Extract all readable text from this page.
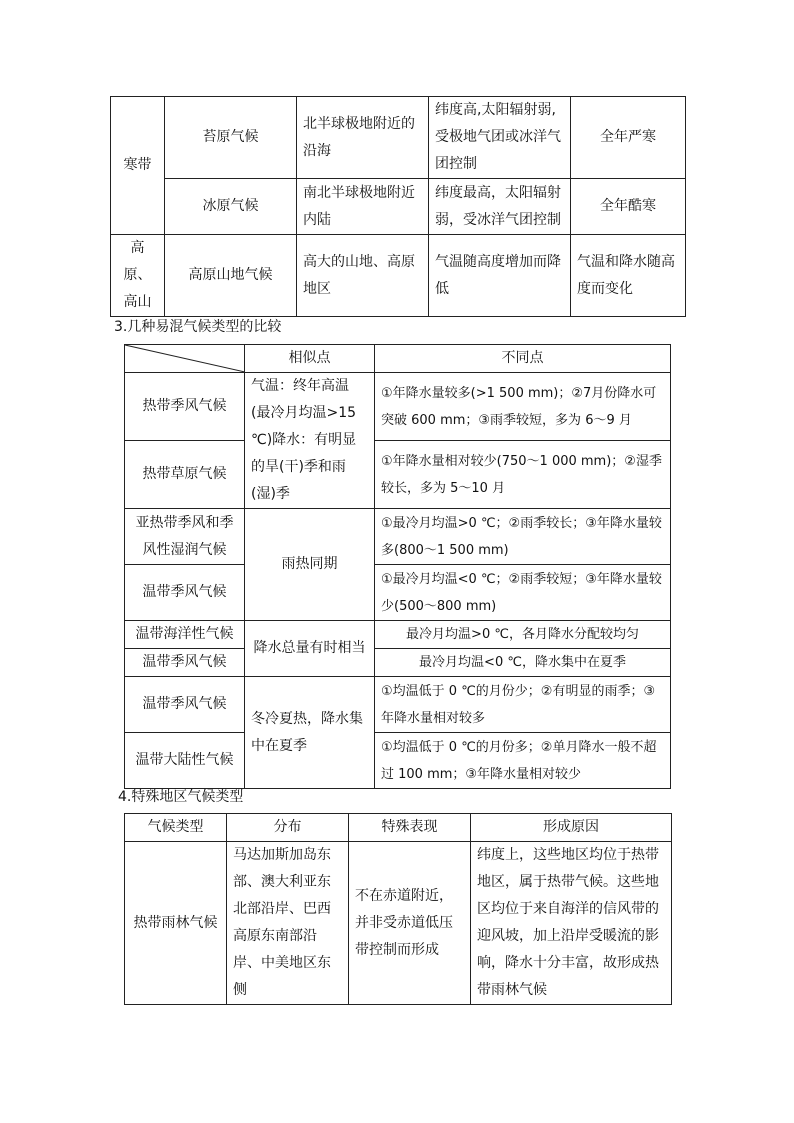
寒带	苔原气候	北半球极地附近的沿海	纬度高,太阳辐射弱,受极地气团或冰洋气团控制	全年严寒
	冰原气候	南北半球极地附近内陆	纬度最高，太阳辐射弱，受冰洋气团控制	全年酷寒
高原、高山	高原山地气候	高大的山地、高原地区	气温随高度增加而降低	气温和降水随高度而变化
3.几种易混气候类型的比较
	相似点	不同点
热带季风气候	气温：终年高温(最冷月均温>15 ℃)降水：有明显的旱(干)季和雨(湿)季	①年降水量较多(>1 500 mm)；②7月份降水可突破 600 mm；③雨季较短，多为 6～9 月
热带草原气候		①年降水量相对较少(750～1 000 mm)；②湿季较长，多为 5～10 月
亚热带季风和季风性湿润气候	雨热同期	①最冷月均温>0 ℃；②雨季较长；③年降水量较多(800～1 500 mm)
温带季风气候		①最冷月均温<0 ℃；②雨季较短；③年降水量较少(500～800 mm)
温带海洋性气候	降水总量有时相当	最冷月均温>0 ℃，各月降水分配较均匀
温带季风气候		最冷月均温<0 ℃，降水集中在夏季
温带季风气候	冬冷夏热，降水集中在夏季	①均温低于 0 ℃的月份少；②有明显的雨季；③年降水量相对较多
温带大陆性气候		①均温低于 0 ℃的月份多；②单月降水一般不超过 100 mm；③年降水量相对较少
4.特殊地区气候类型
气候类型	分布	特殊表现	形成原因
热带雨林气候	马达加斯加岛东部、澳大利亚东北部沿岸、巴西高原东南部沿岸、中美地区东侧	不在赤道附近，并非受赤道低压带控制而形成	纬度上，这些地区均位于热带地区，属于热带气候。这些地区均位于来自海洋的信风带的迎风坡，加上沿岸受暖流的影响，降水十分丰富，故形成热带雨林气候
